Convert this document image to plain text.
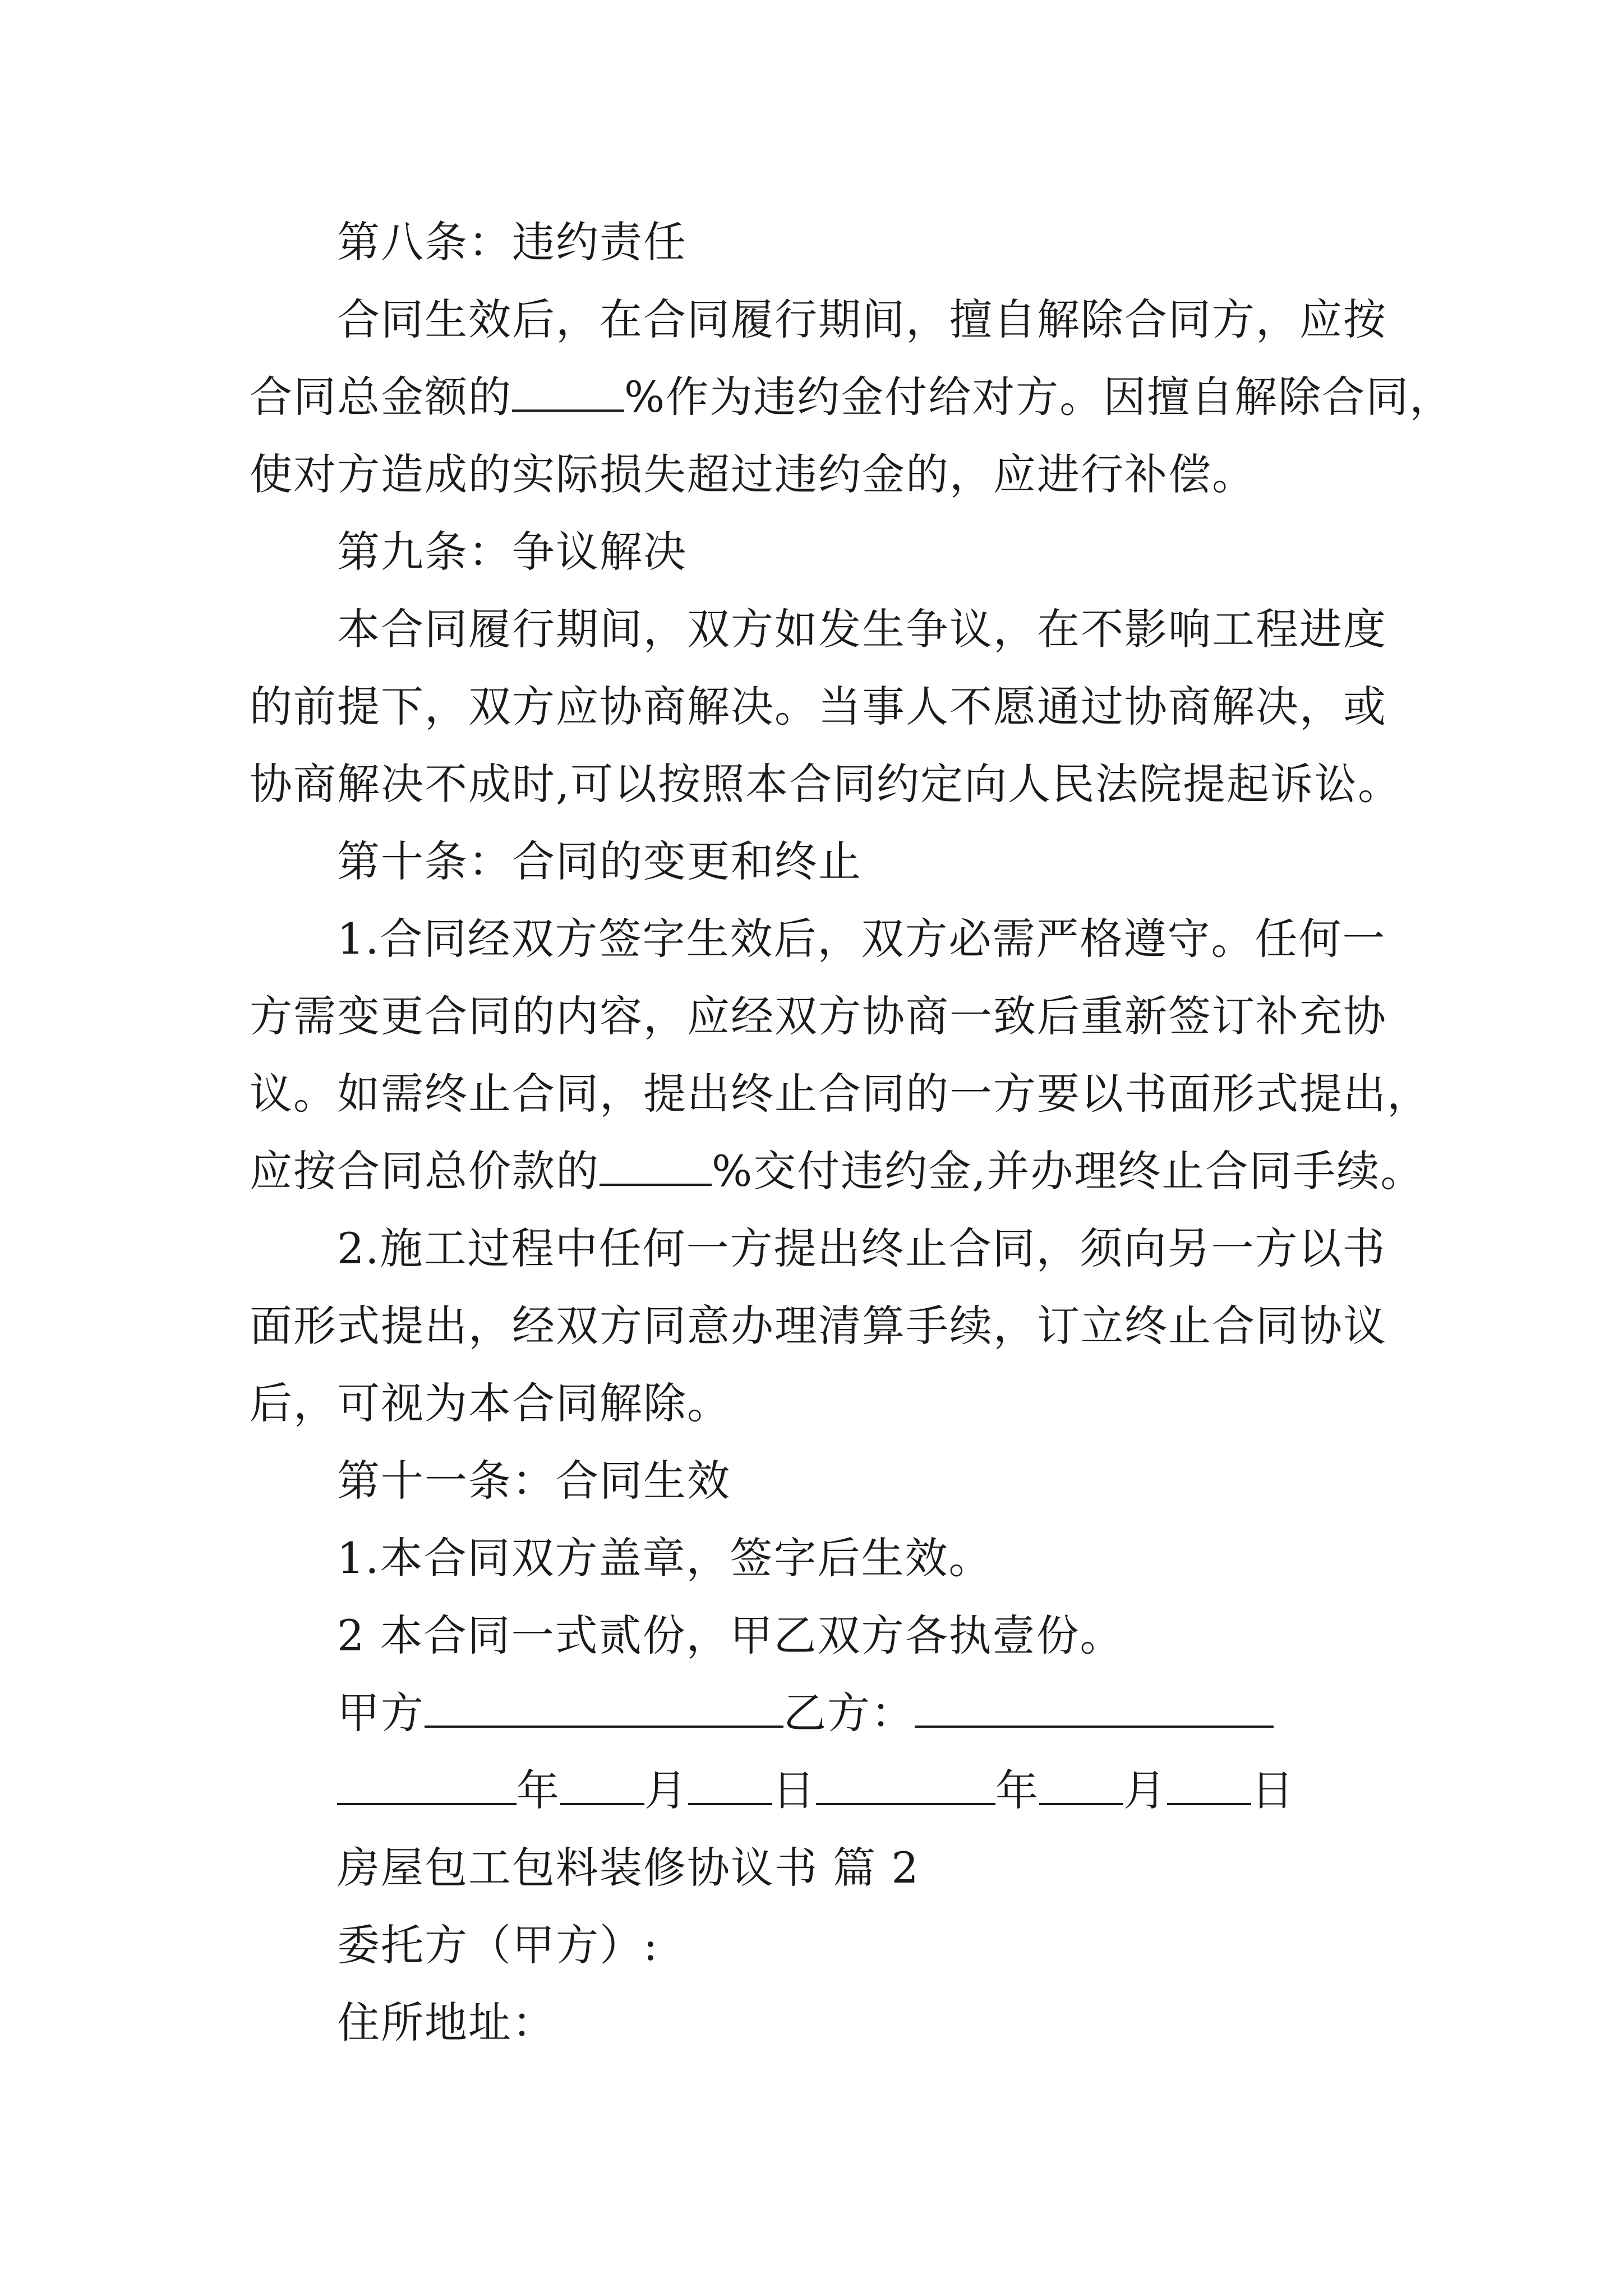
第八条：违约责任
合同生效后，在合同履行期间，擅自解除合同方，应按
合同总金额的	%作为违约金付给对方。因擅自解除合同，
使对方造成的实际损失超过违约金的，应进行补偿。
第九条：争议解决
本合同履行期间，双方如发生争议，在不影响工程进度
的前提下，双方应协商解决。当事人不愿通过协商解决，或
协商解决不成时,可以按照本合同约定向人民法院提起诉讼。
第十条：合同的变更和终止
1.合同经双方签字生效后，双方必需严格遵守。任何一
方需变更合同的内容，应经双方协商一致后重新签订补充协
议。如需终止合同，提出终止合同的一方要以书面形式提出，
应按合同总价款的	%交付违约金,并办理终止合同手续。
2.施工过程中任何一方提出终止合同，须向另一方以书
面形式提出，经双方同意办理清算手续，订立终止合同协议
后，可视为本合同解除。
第十一条：合同生效
1.本合同双方盖章，签字后生效。
2 本合同一式贰份，甲乙双方各执壹份。
甲方	乙方：
年 月 日	年 月 日
房屋包工包料装修协议书 篇 2
委托方（甲方）:
住所地址：
